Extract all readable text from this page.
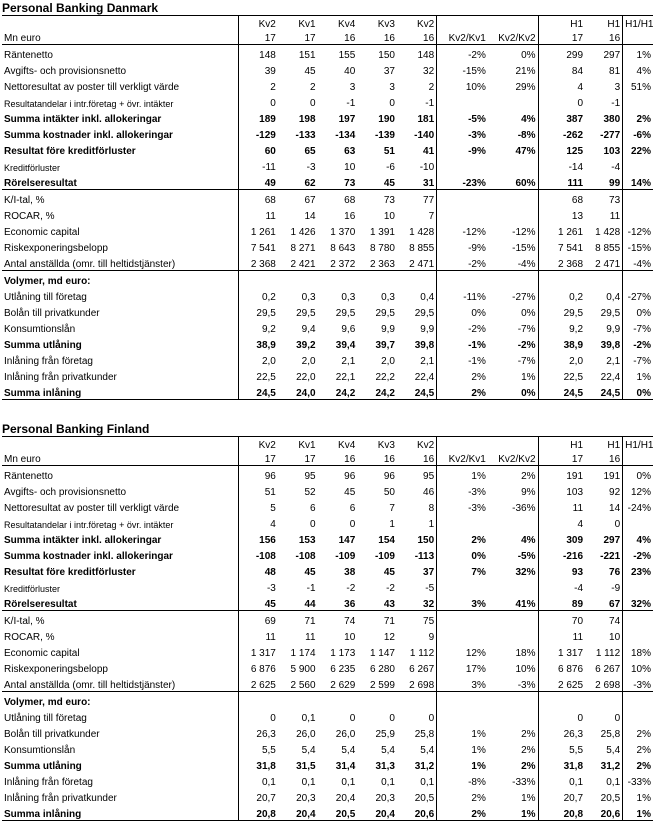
Personal Banking Danmark
	Kv2	Kv1	Kv4	Kv3	Kv2				H1	H1	H1/H1
Mn euro	17	17	16	16	16	Kv2/Kv1	Kv2/Kv2		17	16	
Räntenetto	148	151	155	150	148	-2%	0%		299	297	1%
Avgifts- och provisionsnetto	39	45	40	37	32	-15%	21%		84	81	4%
Nettoresultat av poster till verkligt värde	2	2	3	3	2	10%	29%		4	3	51%
Resultatandelar i intr.företag + övr. intäkter	0	0	-1	0	-1				0	-1	
Summa intäkter inkl. allokeringar	189	198	197	190	181	-5%	4%		387	380	2%
Summa kostnader inkl. allokeringar	-129	-133	-134	-139	-140	-3%	-8%		-262	-277	-6%
Resultat före kreditförluster	60	65	63	51	41	-9%	47%		125	103	22%
Kreditförluster	-11	-3	10	-6	-10				-14	-4	
Rörelseresultat	49	62	73	45	31	-23%	60%		111	99	14%
K/I-tal, %	68	67	68	73	77				68	73	
ROCAR, %	11	14	16	10	7				13	11	
Economic capital	1 261	1 426	1 370	1 391	1 428	-12%	-12%		1 261	1 428	-12%
Riskexponeringsbelopp	7 541	8 271	8 643	8 780	8 855	-9%	-15%		7 541	8 855	-15%
Antal anställda (omr. till heltidstjänster)	2 368	2 421	2 372	2 363	2 471	-2%	-4%		2 368	2 471	-4%
Volymer, md euro:											
Utlåning till företag	0,2	0,3	0,3	0,3	0,4	-11%	-27%		0,2	0,4	-27%
Bolån till privatkunder	29,5	29,5	29,5	29,5	29,5	0%	0%		29,5	29,5	0%
Konsumtionslån	9,2	9,4	9,6	9,9	9,9	-2%	-7%		9,2	9,9	-7%
Summa utlåning	38,9	39,2	39,4	39,7	39,8	-1%	-2%		38,9	39,8	-2%
Inlåning från företag	2,0	2,0	2,1	2,0	2,1	-1%	-7%		2,0	2,1	-7%
Inlåning från privatkunder	22,5	22,0	22,1	22,2	22,4	2%	1%		22,5	22,4	1%
Summa inlåning	24,5	24,0	24,2	24,2	24,5	2%	0%		24,5	24,5	0%
Personal Banking Finland
	Kv2	Kv1	Kv4	Kv3	Kv2				H1	H1	H1/H1
Mn euro	17	17	16	16	16	Kv2/Kv1	Kv2/Kv2		17	16	
Räntenetto	96	95	96	96	95	1%	2%		191	191	0%
Avgifts- och provisionsnetto	51	52	45	50	46	-3%	9%		103	92	12%
Nettoresultat av poster till verkligt värde	5	6	6	7	8	-3%	-36%		11	14	-24%
Resultatandelar i intr.företag + övr. intäkter	4	0	0	1	1				4	0	
Summa intäkter inkl. allokeringar	156	153	147	154	150	2%	4%		309	297	4%
Summa kostnader inkl. allokeringar	-108	-108	-109	-109	-113	0%	-5%		-216	-221	-2%
Resultat före kreditförluster	48	45	38	45	37	7%	32%		93	76	23%
Kreditförluster	-3	-1	-2	-2	-5				-4	-9	
Rörelseresultat	45	44	36	43	32	3%	41%		89	67	32%
K/I-tal, %	69	71	74	71	75				70	74	
ROCAR, %	11	11	10	12	9				11	10	
Economic capital	1 317	1 174	1 173	1 147	1 112	12%	18%		1 317	1 112	18%
Riskexponeringsbelopp	6 876	5 900	6 235	6 280	6 267	17%	10%		6 876	6 267	10%
Antal anställda (omr. till heltidstjänster)	2 625	2 560	2 629	2 599	2 698	3%	-3%		2 625	2 698	-3%
Volymer, md euro:											
Utlåning till företag	0	0,1	0	0	0				0	0	
Bolån till privatkunder	26,3	26,0	26,0	25,9	25,8	1%	2%		26,3	25,8	2%
Konsumtionslån	5,5	5,4	5,4	5,4	5,4	1%	2%		5,5	5,4	2%
Summa utlåning	31,8	31,5	31,4	31,3	31,2	1%	2%		31,8	31,2	2%
Inlåning från företag	0,1	0,1	0,1	0,1	0,1	-8%	-33%		0,1	0,1	-33%
Inlåning från privatkunder	20,7	20,3	20,4	20,3	20,5	2%	1%		20,7	20,5	1%
Summa inlåning	20,8	20,4	20,5	20,4	20,6	2%	1%		20,8	20,6	1%
